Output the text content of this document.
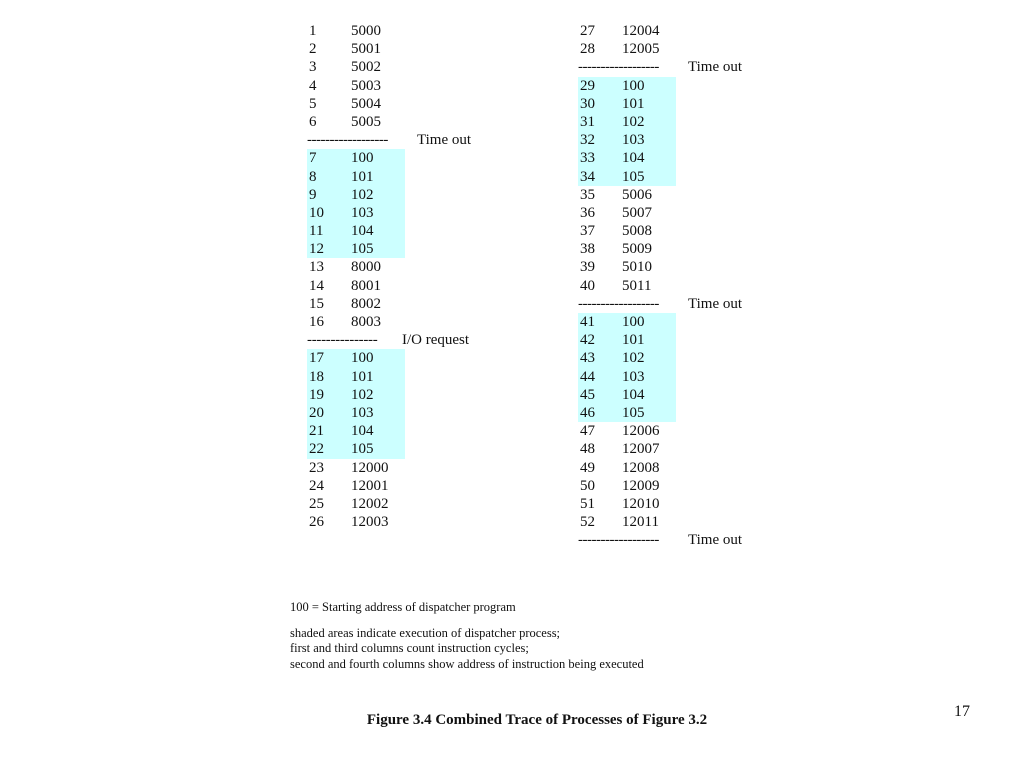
1 5000
2 5001
3 5002
4 5003
5 5004
6 5005
------------------ Time out
7 100
8 101
9 102
10 103
11 104
12 105
13 8000
14 8001
15 8002
16 8003
--------------- I/O request
17 100
18 101
19 102
20 103
21 104
22 105
23 12000
24 12001
25 12002
26 12003
27 12004
28 12005
------------------ Time out
29 100
30 101
31 102
32 103
33 104
34 105
35 5006
36 5007
37 5008
38 5009
39 5010
40 5011
------------------ Time out
41 100
42 101
43 102
44 103
45 104
46 105
47 12006
48 12007
49 12008
50 12009
51 12010
52 12011
------------------ Time out
100 = Starting address of dispatcher program
shaded areas indicate execution of dispatcher process;
first and third columns count instruction cycles;
second and fourth columns show address of instruction being executed
Figure 3.4 Combined Trace of Processes of Figure 3.2	17
